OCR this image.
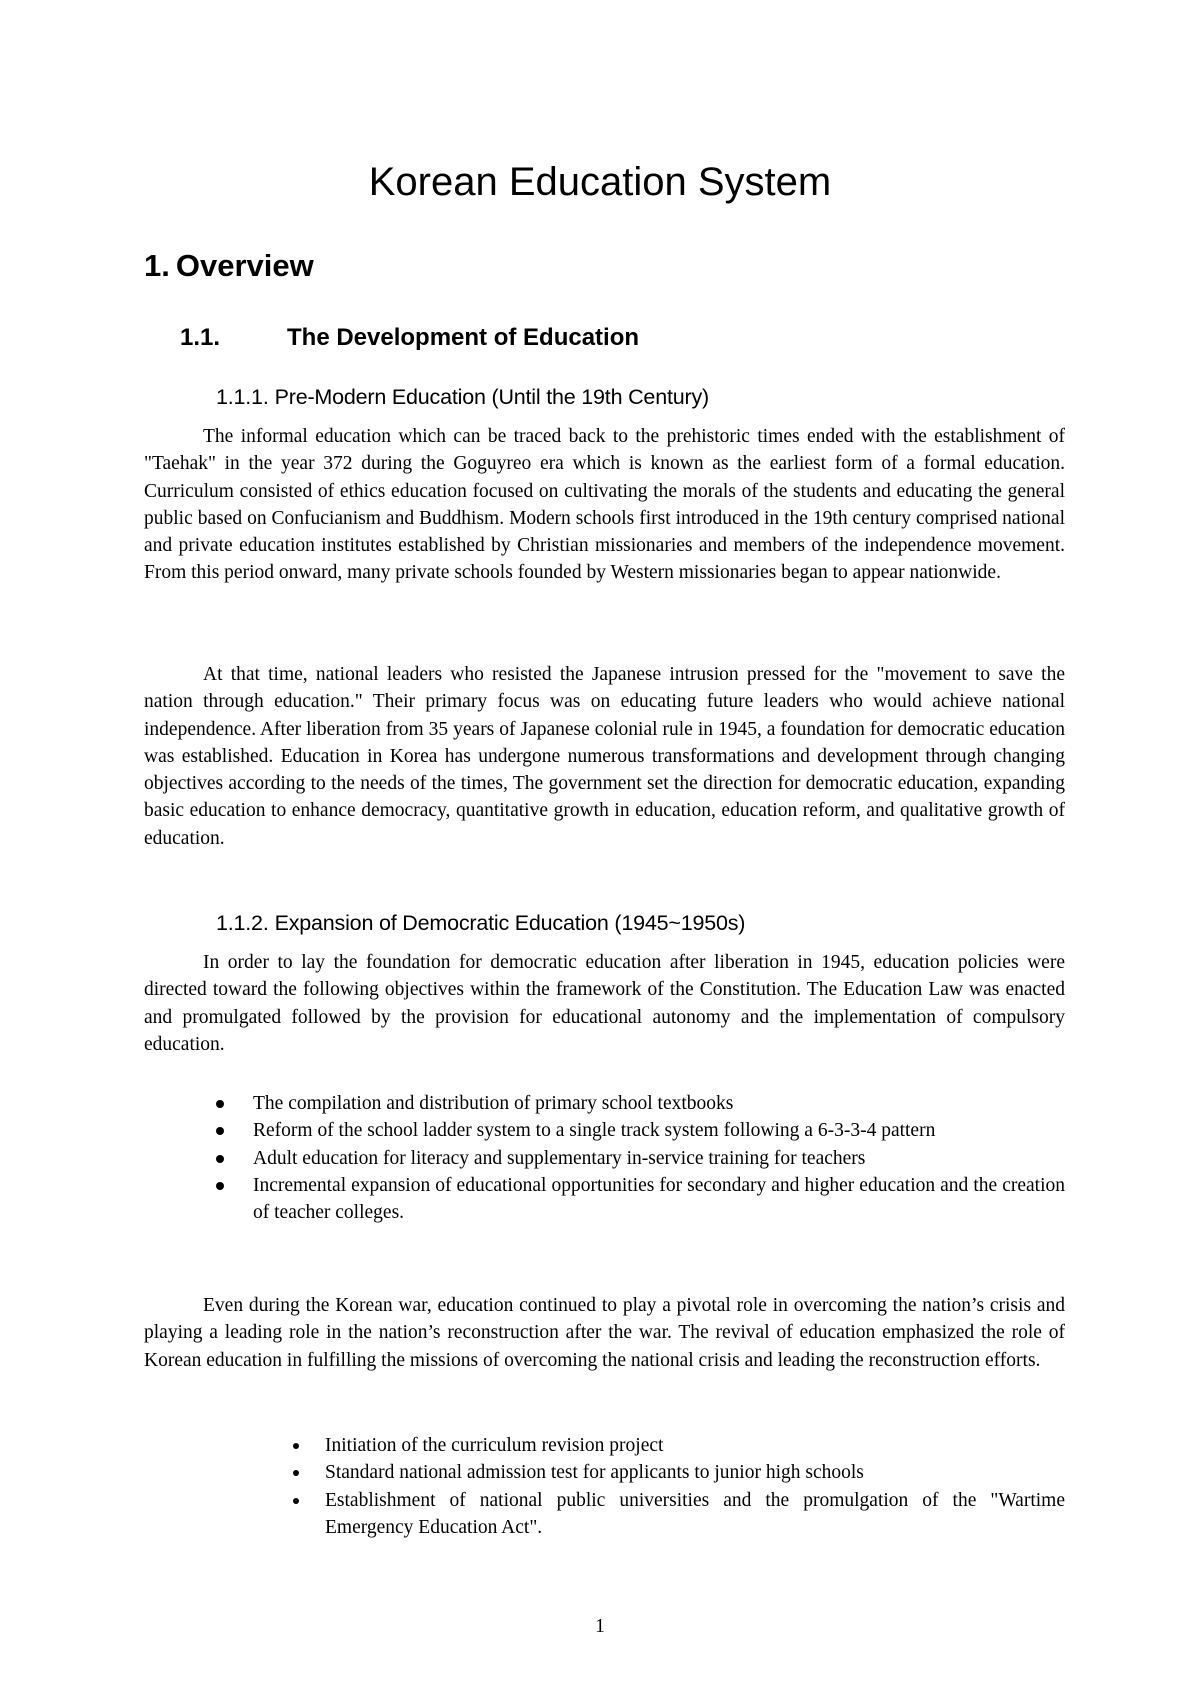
Korean Education System
1. Overview
1.1.	The Development of Education
1.1.1. Pre-Modern Education (Until the 19th Century)

The informal education which can be traced back to the prehistoric times ended with the establishment of "Taehak" in the year 372 during the Goguyreo era which is known as the earliest form of a formal education. Curriculum consisted of ethics education focused on cultivating the morals of the students and educating the general public based on Confucianism and Buddhism. Modern schools first introduced in the 19th century comprised national and private education institutes established by Christian missionaries and members of the independence movement. From this period onward, many private schools founded by Western missionaries began to appear nationwide.

At that time, national leaders who resisted the Japanese intrusion pressed for the "movement to save the nation through education." Their primary focus was on educating future leaders who would achieve national independence. After liberation from 35 years of Japanese colonial rule in 1945, a foundation for democratic education was established. Education in Korea has undergone numerous transformations and development through changing objectives according to the needs of the times, The government set the direction for democratic education, expanding basic education to enhance democracy, quantitative growth in education, education reform, and qualitative growth of education.

1.1.2. Expansion of Democratic Education (1945~1950s)

In order to lay the foundation for democratic education after liberation in 1945, education policies were directed toward the following objectives within the framework of the Constitution. The Education Law was enacted and promulgated followed by the provision for educational autonomy and the implementation of compulsory education.

The compilation and distribution of primary school textbooks
Reform of the school ladder system to a single track system following a 6-3-3-4 pattern
Adult education for literacy and supplementary in-service training for teachers
Incremental expansion of educational opportunities for secondary and higher education and the creation of teacher colleges.

Even during the Korean war, education continued to play a pivotal role in overcoming the nation’s crisis and playing a leading role in the nation’s reconstruction after the war. The revival of education emphasized the role of Korean education in fulfilling the missions of overcoming the national crisis and leading the reconstruction efforts.

Initiation of the curriculum revision project
Standard national admission test for applicants to junior high schools
Establishment of national public universities and the promulgation of the "Wartime Emergency Education Act".

1
